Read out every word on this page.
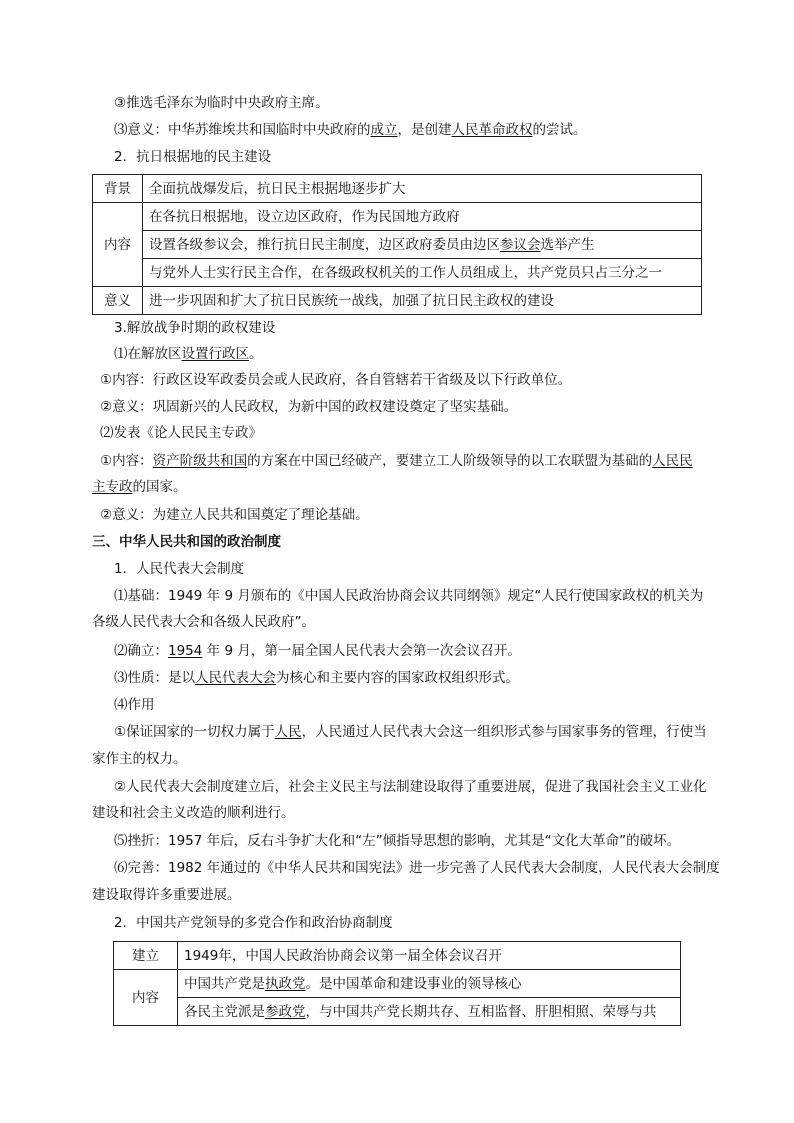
③推选毛泽东为临时中央政府主席。
⑶意义：中华苏维埃共和国临时中央政府的成立，是创建人民革命政权的尝试。
2．抗日根据地的民主建设
背景	全面抗战爆发后，抗日民主根据地逐步扩大
内容	在各抗日根据地，设立边区政府，作为民国地方政府
	设置各级参议会，推行抗日民主制度，边区政府委员由边区参议会选举产生
	与党外人士实行民主合作，在各级政权机关的工作人员组成上，共产党员只占三分之一
意义	进一步巩固和扩大了抗日民族统一战线，加强了抗日民主政权的建设
3.解放战争时期的政权建设
⑴在解放区设置行政区。
①内容：行政区设军政委员会或人民政府，各自管辖若干省级及以下行政单位。
②意义：巩固新兴的人民政权，为新中国的政权建设奠定了坚实基础。
⑵发表《论人民民主专政》
①内容：资产阶级共和国的方案在中国已经破产，要建立工人阶级领导的以工农联盟为基础的人民民
主专政的国家。
②意义：为建立人民共和国奠定了理论基础。
三、中华人民共和国的政治制度
1．人民代表大会制度
⑴基础：1949 年 9 月颁布的《中国人民政治协商会议共同纲领》规定“人民行使国家政权的机关为
各级人民代表大会和各级人民政府”。
⑵确立：1954 年 9 月，第一届全国人民代表大会第一次会议召开。
⑶性质：是以人民代表大会为核心和主要内容的国家政权组织形式。
⑷作用
①保证国家的一切权力属于人民，人民通过人民代表大会这一组织形式参与国家事务的管理，行使当
家作主的权力。
②人民代表大会制度建立后，社会主义民主与法制建设取得了重要进展，促进了我国社会主义工业化
建设和社会主义改造的顺利进行。
⑸挫折：1957 年后，反右斗争扩大化和“左”倾指导思想的影响，尤其是“文化大革命”的破坏。
⑹完善：1982 年通过的《中华人民共和国宪法》进一步完善了人民代表大会制度，人民代表大会制度
建设取得许多重要进展。
2．中国共产党领导的多党合作和政治协商制度
建立	1949年，中国人民政治协商会议第一届全体会议召开
内容	中国共产党是执政党。是中国革命和建设事业的领导核心
	各民主党派是参政党，与中国共产党长期共存、互相监督、肝胆相照、荣辱与共
